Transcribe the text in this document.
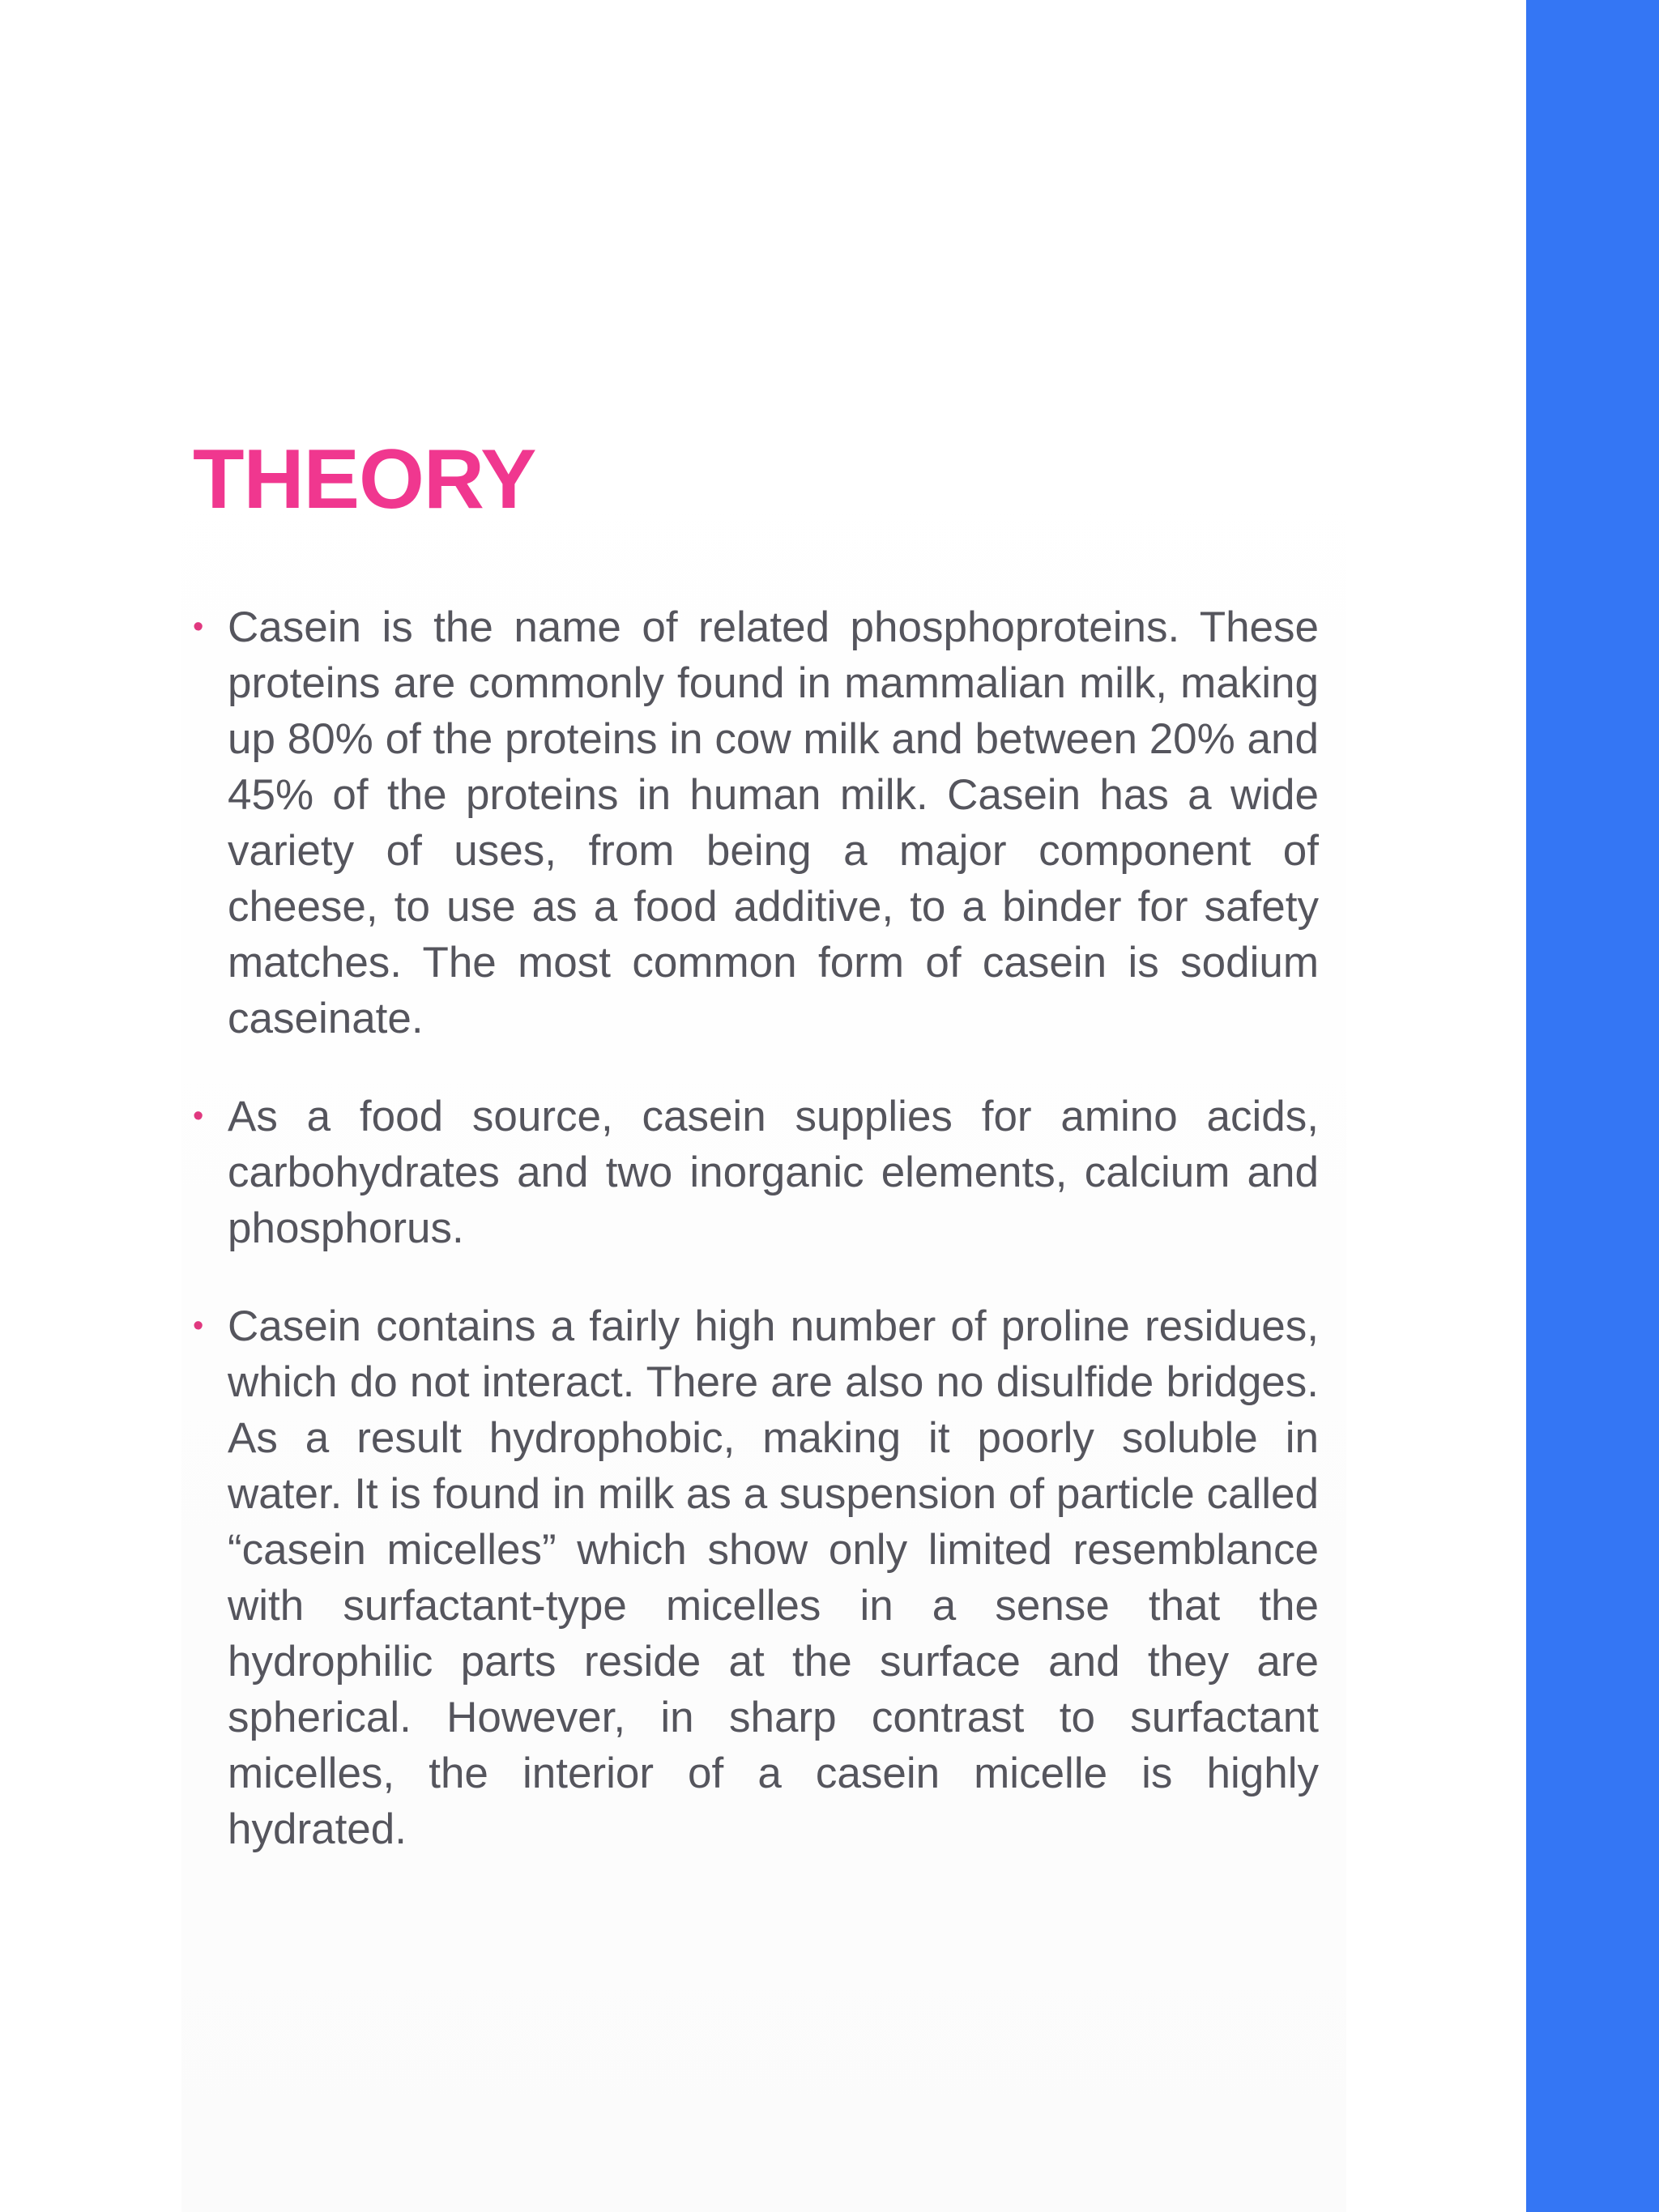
THEORY
• Casein is the name of related phosphoproteins. These proteins are commonly found in mammalian milk, making up 80% of the proteins in cow milk and between 20% and 45% of the proteins in human milk. Casein has a wide variety of uses, from being a major component of cheese, to use as a food additive, to a binder for safety matches. The most common form of casein is sodium caseinate.
• As a food source, casein supplies for amino acids, carbohydrates and two inorganic elements, calcium and phosphorus.
• Casein contains a fairly high number of proline residues, which do not interact. There are also no disulfide bridges. As a result hydrophobic, making it poorly soluble in water. It is found in milk as a suspension of particle called “casein micelles” which show only limited resemblance with surfactant-type micelles in a sense that the hydrophilic parts reside at the surface and they are spherical. However, in sharp contrast to surfactant micelles, the interior of a casein micelle is highly hydrated.
